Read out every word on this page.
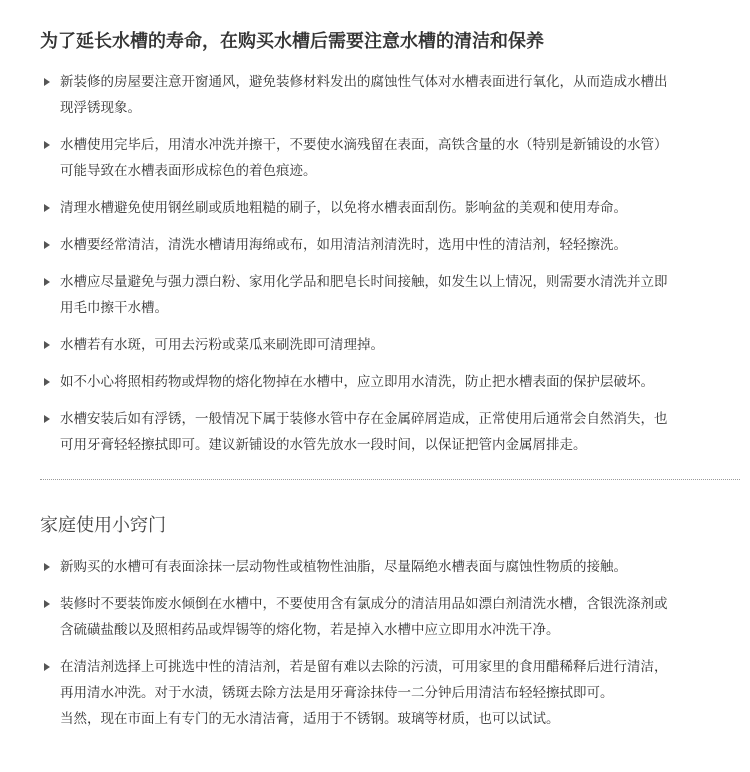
为了延长水槽的寿命，在购买水槽后需要注意水槽的清洁和保养
新装修的房屋要注意开窗通风，避免装修材料发出的腐蚀性气体对水槽表面进行氧化，从而造成水槽出
现浮锈现象。
水槽使用完毕后，用清水冲洗并擦干，不要使水滴残留在表面，高铁含量的水（特别是新铺设的水管）
可能导致在水槽表面形成棕色的着色痕迹。
清理水槽避免使用钢丝刷或质地粗糙的刷子，以免将水槽表面刮伤。影响盆的美观和使用寿命。
水槽要经常清洁，清洗水槽请用海绵或布，如用清洁剂清洗时，选用中性的清洁剂，轻轻擦洗。
水槽应尽量避免与强力漂白粉、家用化学品和肥皂长时间接触，如发生以上情况，则需要水清洗并立即
用毛巾擦干水槽。
水槽若有水斑，可用去污粉或菜瓜来刷洗即可清理掉。
如不小心将照相药物或焊物的熔化物掉在水槽中，应立即用水清洗，防止把水槽表面的保护层破坏。
水槽安装后如有浮锈，一般情况下属于装修水管中存在金属碎屑造成，正常使用后通常会自然消失，也
可用牙膏轻轻擦拭即可。建议新铺设的水管先放水一段时间，以保证把管内金属屑排走。
家庭使用小窍门
新购买的水槽可有表面涂抹一层动物性或植物性油脂，尽量隔绝水槽表面与腐蚀性物质的接触。
装修时不要装饰废水倾倒在水槽中，不要使用含有氯成分的清洁用品如漂白剂清洗水槽，含银洗涤剂或
含硫磺盐酸以及照相药品或焊锡等的熔化物，若是掉入水槽中应立即用水冲洗干净。
在清洁剂选择上可挑选中性的清洁剂，若是留有难以去除的污渍，可用家里的食用醋稀释后进行清洁，
再用清水冲洗。对于水渍，锈斑去除方法是用牙膏涂抹侍一二分钟后用清洁布轻轻擦拭即可。
当然，现在市面上有专门的无水清洁膏，适用于不锈钢。玻璃等材质，也可以试试。
